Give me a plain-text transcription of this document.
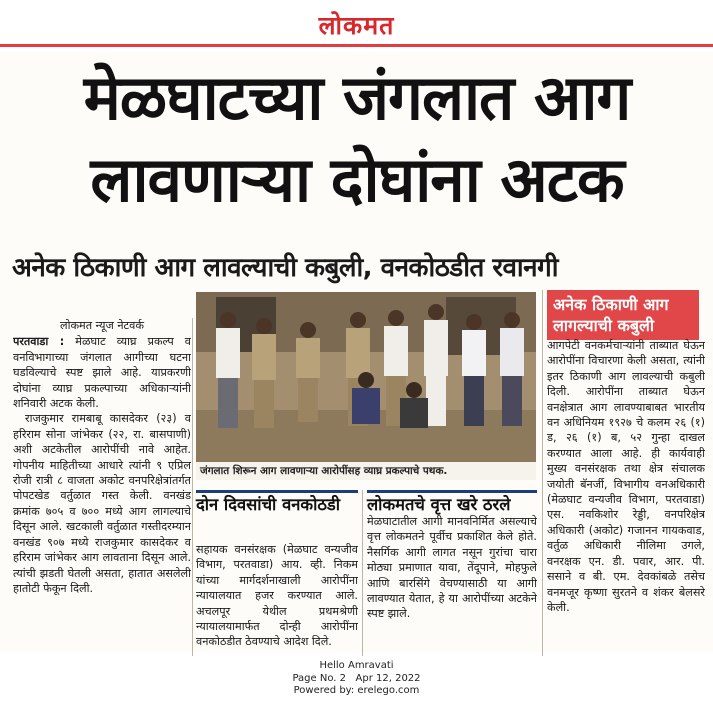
लोकमत
मेळघाटच्या जंगलात आग
लावणाऱ्या दोघांना अटक
अनेक ठिकाणी आग लावल्याची कबुली, वनकोठडीत रवानगी
लोकमत न्यूज नेटवर्क

परतवाडा : मेळघाट व्याघ्र प्रकल्प व वनविभागाच्या जंगलात आगीच्या घटना घडविल्याचे स्पष्ट झाले आहे. याप्रकरणी दोघांना व्याघ्र प्रकल्पाच्या अधिकाऱ्यांनी शनिवारी अटक केली.

राजकुमार रामबाबू कासदेकर (२३) व हरिराम सोना जांभेकर (२२, रा. बासपाणी) अशी अटकेतील आरोपींची नावे आहेत. गोपनीय माहितीच्या आधारे त्यांनी ९ एप्रिल रोजी रात्री ८ वाजता अकोट वनपरिक्षेत्रांतर्गत पोपटखेड वर्तुळात गस्त केली. वनखंड क्रमांक ७०५ व ७०० मध्ये आग लागल्याचे दिसून आले. खटकाली वर्तुळात गस्तीदरम्यान वनखंड ९०७ मध्ये राजकुमार कासदेकर व हरिराम जांभेकर आग लावताना दिसून आले. त्यांची झडती घेतली असता, हातात असलेली हातोटी फेकून दिली.

जंगलात शिरून आग लावणाऱ्या आरोपींसह व्याघ्र प्रकल्पाचे पथक.
दोन दिवसांची वनकोठडी
सहायक वनसंरक्षक (मेळघाट वन्यजीव विभाग, परतवाडा) आय. व्ही. निकम यांच्या मार्गदर्शनाखाली आरोपींना न्यायालयात हजर करण्यात आले. अचलपूर येथील प्रथमश्रेणी न्यायालयामार्फत दोन्ही आरोपींना वनकोठडीत ठेवण्याचे आदेश दिले.
लोकमतचे वृत्त खरे ठरले
मेळघाटातील आगी मानवनिर्मित असल्याचे वृत्त लोकमतने पूर्वीच प्रकाशित केले होते. नैसर्गिक आगी लागत नसून गुरांचा चारा मोठ्या प्रमाणात यावा, तेंदूपाने, मोहफुले आणि बारसिंगे वेचण्यासाठी या आगी लावण्यात येतात, हे या आरोपींच्या अटकेने स्पष्ट झाले.
अनेक ठिकाणी आग लागल्याची कबुली
आगपेटी वनकर्मचाऱ्यांनी ताब्यात घेऊन आरोपींना विचारणा केली असता, त्यांनी इतर ठिकाणी आग लावल्याची कबुली दिली. आरोपींना ताब्यात घेऊन वनक्षेत्रात आग लावण्याबाबत भारतीय वन अधिनियम १९२७ चे कलम २६ (१) ड, २६ (१) ब, ५२ गुन्हा दाखल करण्यात आला आहे. ही कार्यवाही मुख्य वनसंरक्षक तथा क्षेत्र संचालक जयोती बॅनर्जी, विभागीय वनअधिकारी (मेळघाट वन्यजीव विभाग, परतवाडा) एस. नवकिशोर रेड्डी, वनपरिक्षेत्र अधिकारी (अकोट) गजानन गायकवाड, वर्तुळ अधिकारी नीलिमा उगले, वनरक्षक एन. डी. पवार, आर. पी. ससाने व बी. एम. देवकांबळे तसेच वनमजूर कृष्णा सुरतने व शंकर बेलसरे केली.
Hello Amravati
Page No. 2   Apr 12, 2022
Powered by: erelego.com
